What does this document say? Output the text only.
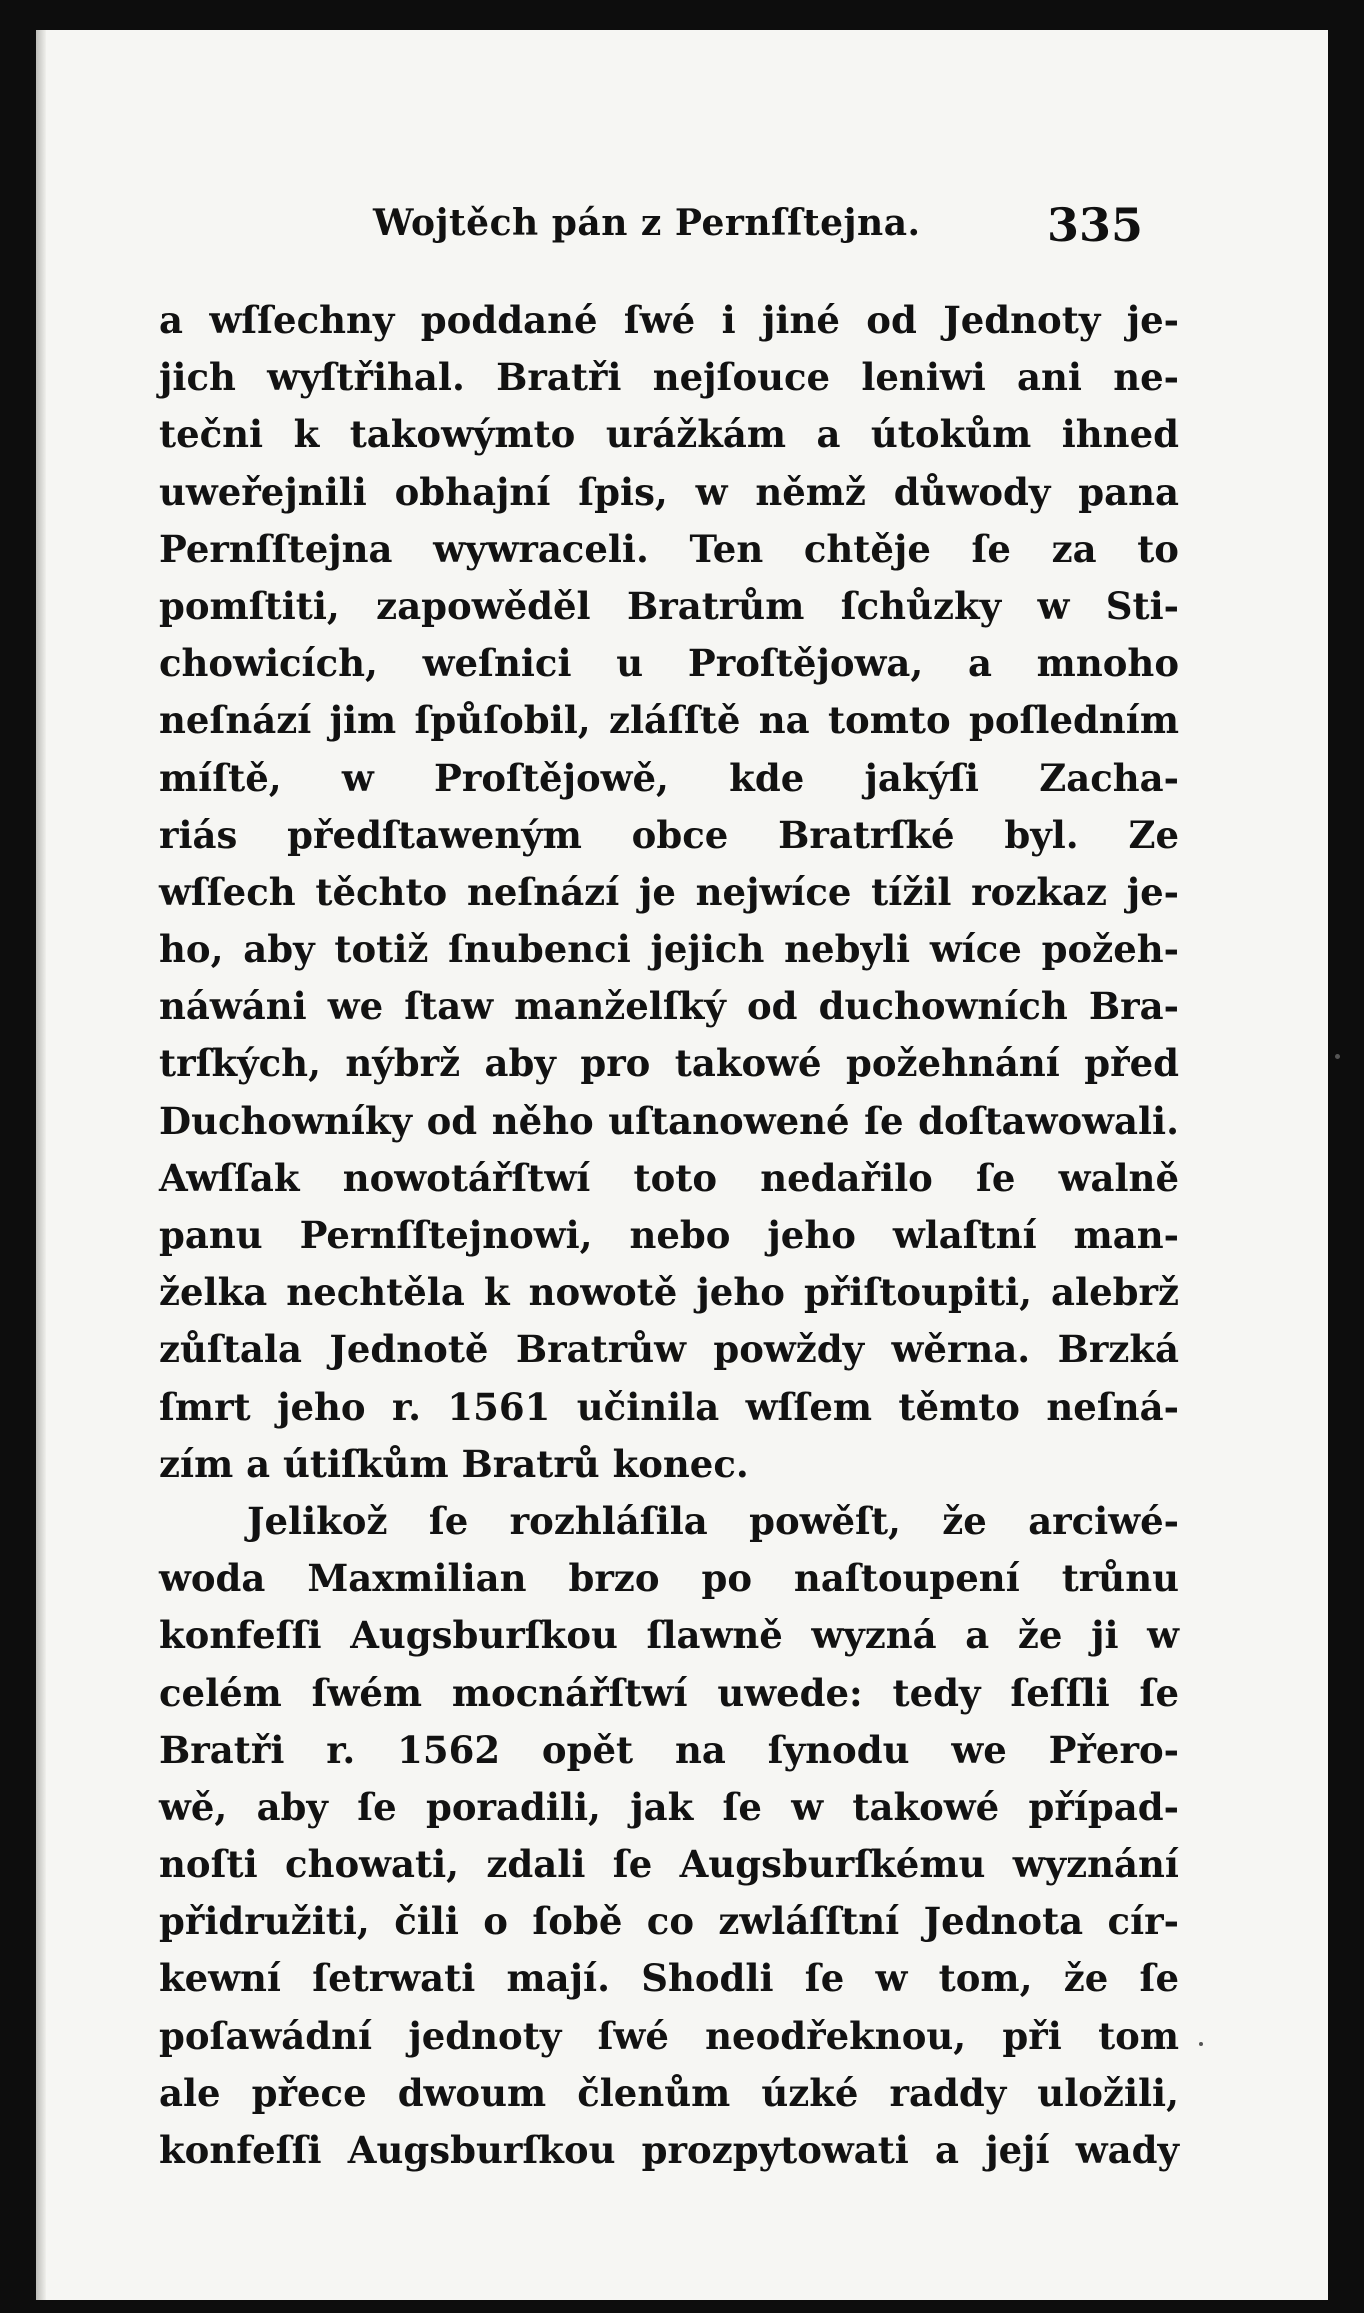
Wojtěch pán z Pernſſtejna.	335
a wſſechny poddané ſwé i jiné od Jednoty je-
jich wyſtřihal. Bratři nejſouce leniwi ani ne-
tečni k takowýmto urážkám a útokům ihned
uweřejnili obhajní ſpis, w němž důwody pana
Pernſſtejna wywraceli. Ten chtěje ſe za to
pomſtiti, zapowěděl Bratrům ſchůzky w Sti-
chowicích, weſnici u Proſtějowa, a mnoho
neſnází jim ſpůſobil, zláſſtě na tomto poſledním
míſtě, w Proſtějowě, kde jakýſi Zacha-
riás předſtaweným obce Bratrſké byl. Ze
wſſech těchto neſnází je nejwíce tížil rozkaz je-
ho, aby totiž ſnubenci jejich nebyli wíce požeh-
náwáni we ſtaw manželſký od duchowních Bra-
trſkých, nýbrž aby pro takowé požehnání před
Duchowníky od něho uſtanowené ſe doſtawowali.
Awſſak nowotářſtwí toto nedařilo ſe walně
panu Pernſſtejnowi, nebo jeho wlaſtní man-
želka nechtěla k nowotě jeho přiſtoupiti, alebrž
zůſtala Jednotě Bratrůw powždy wěrna. Brzká
ſmrt jeho r. 1561 učinila wſſem těmto neſná-
zím a útiſkům Bratrů konec.
Jelikož ſe rozhláſila powěſt, že arciwé-
woda Maxmilian brzo po naſtoupení trůnu
konfeſſi Augsburſkou ſlawně wyzná a že ji w
celém ſwém mocnářſtwí uwede: tedy ſeſſli ſe
Bratři r. 1562 opět na ſynodu we Přero-
wě, aby ſe poradili, jak ſe w takowé případ-
noſti chowati, zdali ſe Augsburſkému wyznání
přidružiti, čili o ſobě co zwláſſtní Jednota cír-
kewní ſetrwati mají. Shodli ſe w tom, že ſe
poſawádní jednoty ſwé neodřeknou, při tom
ale přece dwoum členům úzké raddy uložili,
konfeſſi Augsburſkou prozpytowati a její wady
